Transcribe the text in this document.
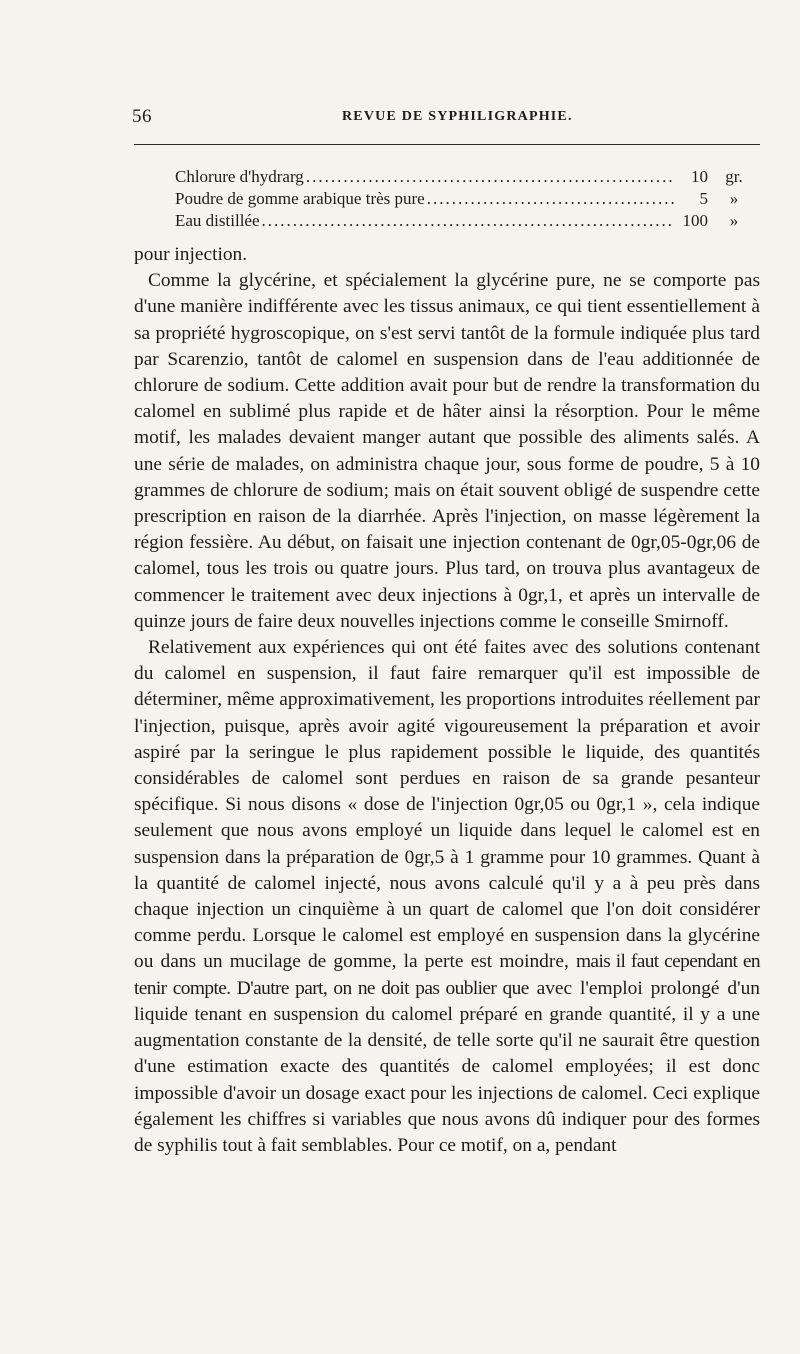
56	REVUE DE SYPHILIGRAPHIE.
Chlorure d'hydrarg .....	10	gr.
Poudre de gomme arabique très pure .....	5	»
Eau distillée .....	100	»

pour injection.

Comme la glycérine, et spécialement la glycérine pure, ne se comporte pas d'une manière indifférente avec les tissus animaux, ce qui tient essentiellement à sa propriété hygroscopique, on s'est servi tantôt de la formule indiquée plus tard par Scarenzio, tantôt de calomel en suspension dans de l'eau additionnée de chlorure de sodium. Cette addition avait pour but de rendre la transformation du calomel en sublimé plus rapide et de hâter ainsi la résorption. Pour le même motif, les malades devaient manger autant que possible des aliments salés. A une série de malades, on administra chaque jour, sous forme de poudre, 5 à 10 grammes de chlorure de sodium; mais on était souvent obligé de suspendre cette prescription en raison de la diarrhée. Après l'injection, on masse légèrement la région fessière. Au début, on faisait une injection contenant de 0gr,05-0gr,06 de calomel, tous les trois ou quatre jours. Plus tard, on trouva plus avantageux de commencer le traitement avec deux injections à 0gr,1, et après un intervalle de quinze jours de faire deux nouvelles injections comme le conseille Smirnoff.

Relativement aux expériences qui ont été faites avec des solutions contenant du calomel en suspension, il faut faire remarquer qu'il est impossible de déterminer, même approximativement, les proportions introduites réellement par l'injection, puisque, après avoir agité vigoureusement la préparation et avoir aspiré par la seringue le plus rapidement possible le liquide, des quantités considérables de calomel sont perdues en raison de sa grande pesanteur spécifique. Si nous disons « dose de l'injection 0gr,05 ou 0gr,1 », cela indique seulement que nous avons employé un liquide dans lequel le calomel est en suspension dans la préparation de 0gr,5 à 1 gramme pour 10 grammes. Quant à la quantité de calomel injecté, nous avons calculé qu'il y a à peu près dans chaque injection un cinquième à un quart de calomel que l'on doit considérer comme perdu. Lorsque le calomel est employé en suspension dans la glycérine ou dans un mucilage de gomme, la perte est moindre, mais il faut cependant en tenir compte. D'autre part, on ne doit pas oublier que avec l'emploi prolongé d'un liquide tenant en suspension du calomel préparé en grande quantité, il y a une augmentation constante de la densité, de telle sorte qu'il ne saurait être question d'une estimation exacte des quantités de calomel employées; il est donc impossible d'avoir un dosage exact pour les injections de calomel. Ceci explique également les chiffres si variables que nous avons dû indiquer pour des formes de syphilis tout à fait semblables. Pour ce motif, on a, pendant
